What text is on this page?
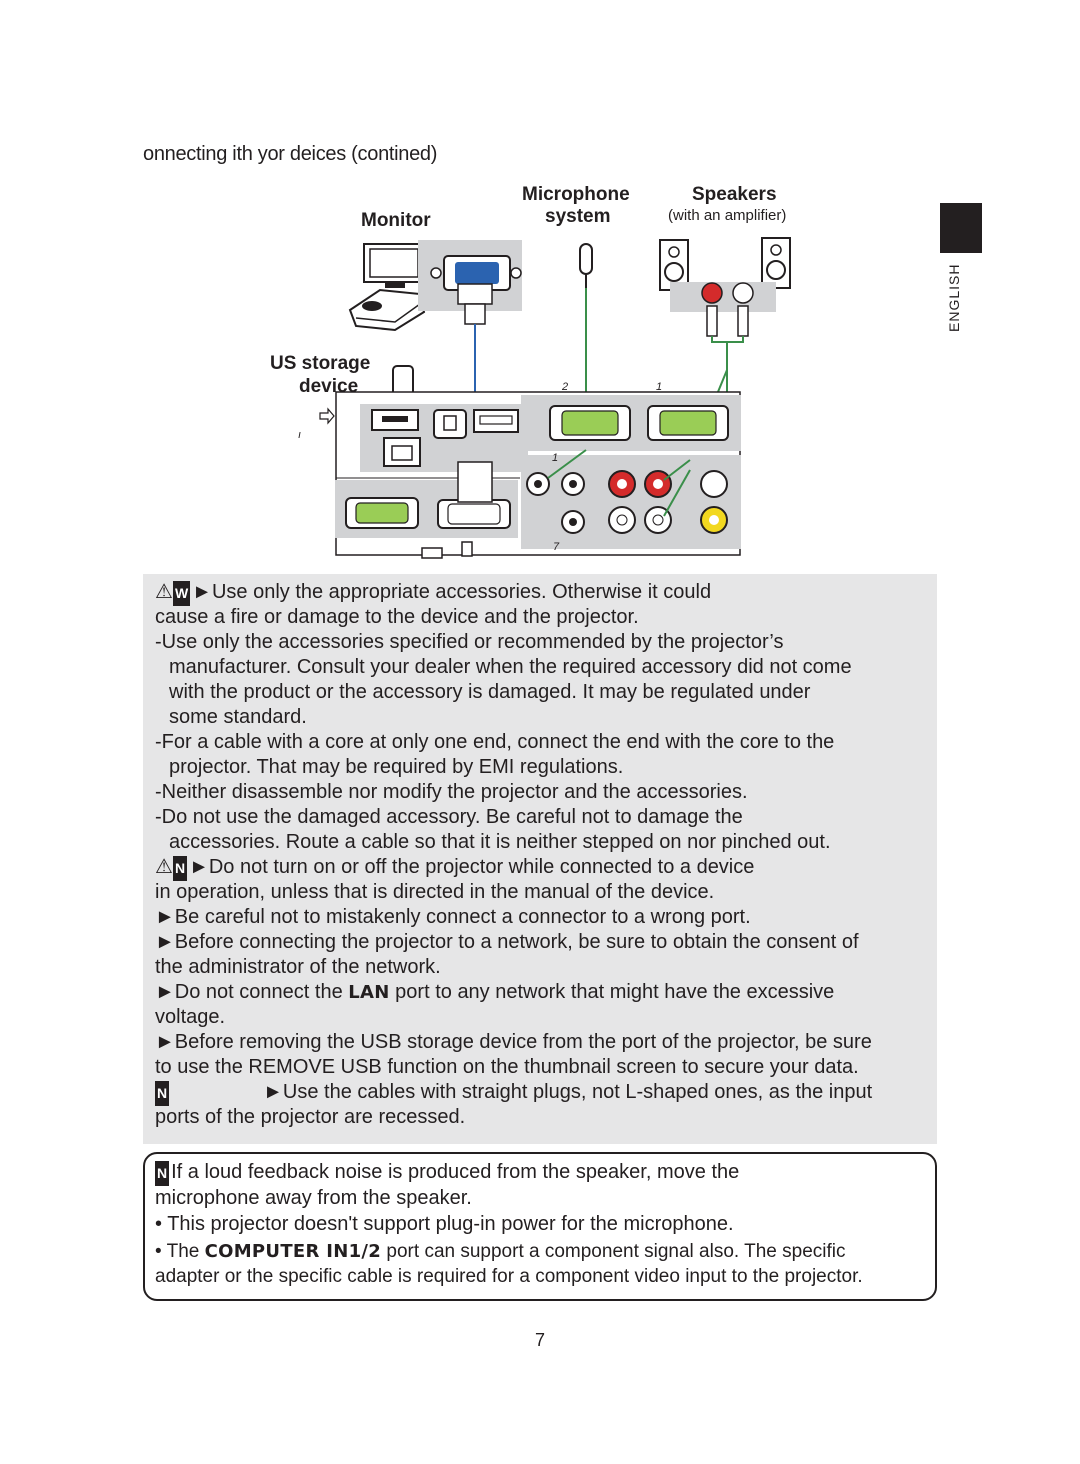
onnecting ith yor deices (contined)
ENGLISH
Monitor
Microphone
system
Speakers
(with an amplifier)
US storage
device	2	1
1
7
ı

⚠ W ►Use only the appropriate accessories. Otherwise it could

cause a fire or damage to the device and the projector.

-Use only the accessories specified or recommended by the projector’s

manufacturer. Consult your dealer when the required accessory did not come

with the product or the accessory is damaged. It may be regulated under

some standard.

-For a cable with a core at only one end, connect the end with the core to the

projector. That may be required by EMI regulations.

-Neither disassemble nor modify the projector and the accessories.

-Do not use the damaged accessory. Be careful not to damage the

accessories. Route a cable so that it is neither stepped on nor pinched out.

⚠ N ►Do not turn on or off the projector while connected to a device

in operation, unless that is directed in the manual of the device.

►Be careful not to mistakenly connect a connector to a wrong port.

►Before connecting the projector to a network, be sure to obtain the consent of

the administrator of the network.

►Do not connect the LAN port to any network that might have the excessive

voltage.

►Before removing the USB storage device from the port of the projector, be sure

to use the REMOVE USB function on the thumbnail screen to secure your data.

N	►Use the cables with straight plugs, not L-shaped ones, as the input

ports of the projector are recessed.

N If a loud feedback noise is produced from the speaker, move the

microphone away from the speaker.

• This projector doesn't support plug-in power for the microphone.

• The COMPUTER IN1/2 port can support a component signal also. The specific

adapter or the specific cable is required for a component video input to the projector.

7
